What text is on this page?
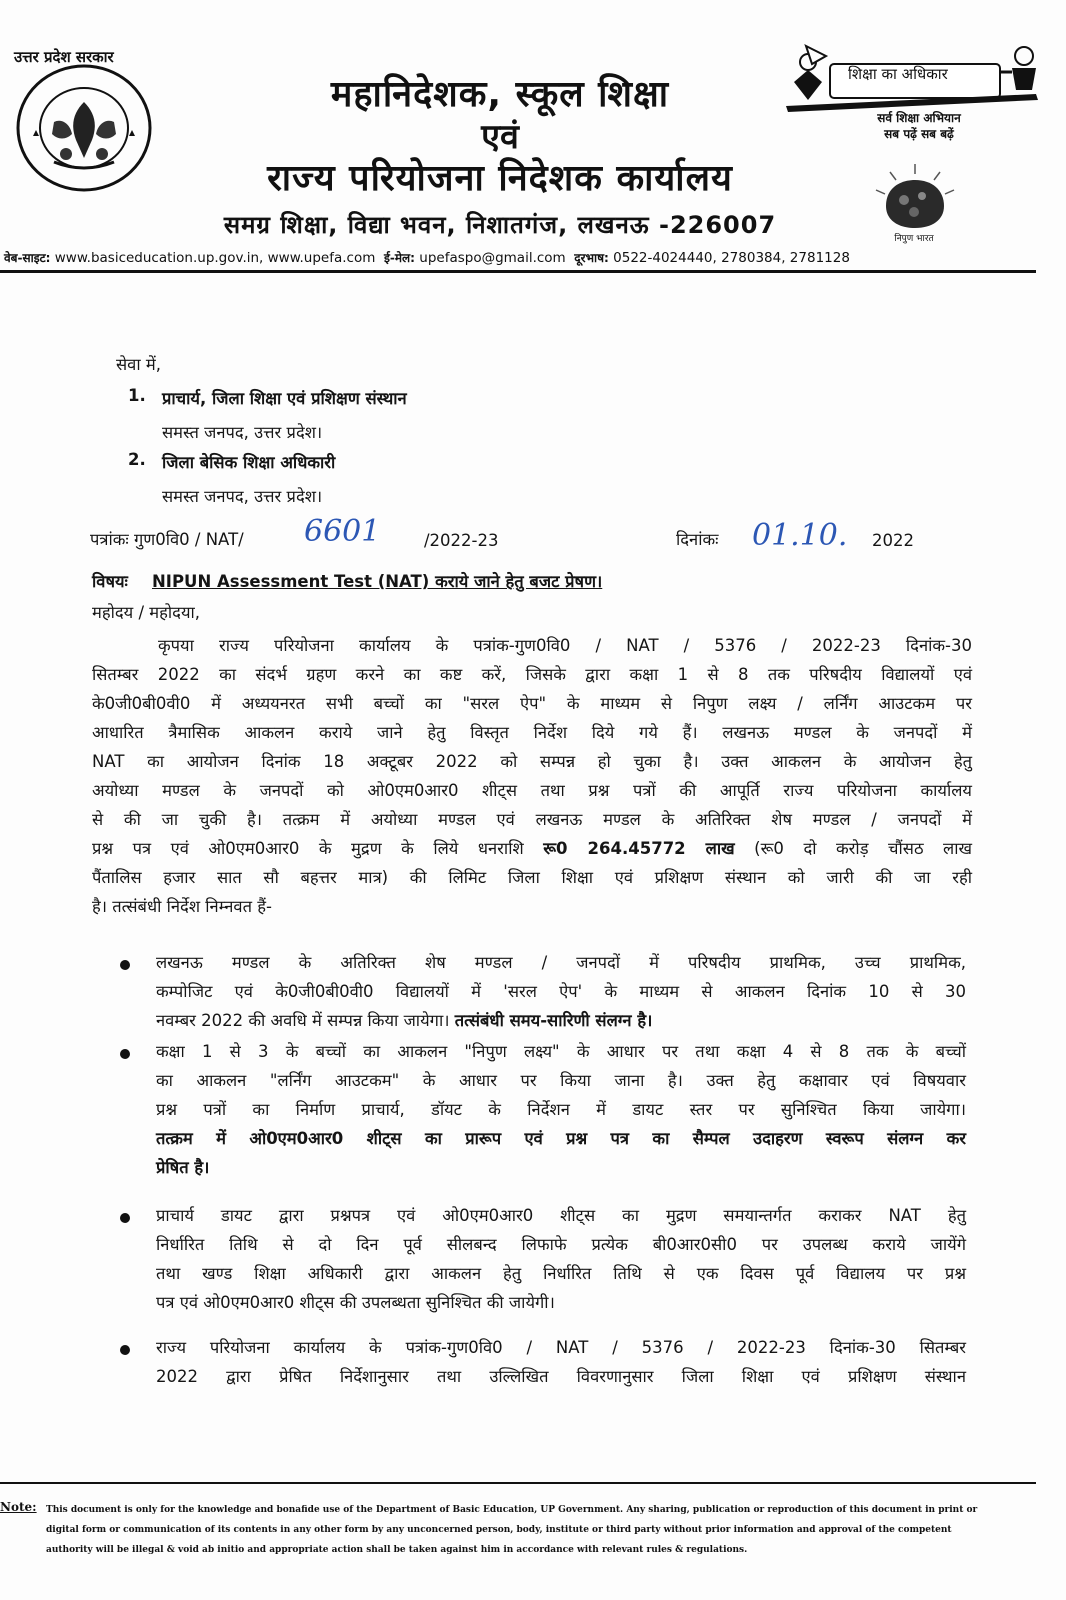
उत्तर प्रदेश सरकार
महानिदेशक, स्कूल शिक्षा
एवं
राज्य परियोजना निदेशक कार्यालय
समग्र शिक्षा, विद्या भवन, निशातगंज, लखनऊ -226007
शिक्षा का अधिकार
सर्व शिक्षा अभियान
सब पढ़ें सब बढ़ें
निपुण भारत
वेब-साइट: www.basiceducation.up.gov.in, www.upefa.com ई-मेल: upefaspo@gmail.com दूरभाष: 0522-4024440, 2780384, 2781128
सेवा में,
1. प्राचार्य, जिला शिक्षा एवं प्रशिक्षण संस्थान
समस्त जनपद, उत्तर प्रदेश।
2. जिला बेसिक शिक्षा अधिकारी
समस्त जनपद, उत्तर प्रदेश।
पत्रांकः गुण0वि0 / NAT/ 6601	/2022-23	दिनांकः 01.10. 2022
विषयः NIPUN Assessment Test (NAT) कराये जाने हेतु बजट प्रेषण।
महोदय / महोदया,
कृपया राज्य परियोजना कार्यालय के पत्रांक-गुण0वि0 / NAT / 5376 / 2022-23 दिनांक-30
सितम्बर 2022 का संदर्भ ग्रहण करने का कष्ट करें, जिसके द्वारा कक्षा 1 से 8 तक परिषदीय विद्यालयों एवं
के0जी0बी0वी0 में अध्ययनरत सभी बच्चों का "सरल ऐप" के माध्यम से निपुण लक्ष्य / लर्निंग आउटकम पर
आधारित त्रैमासिक आकलन कराये जाने हेतु विस्तृत निर्देश दिये गये हैं। लखनऊ मण्डल के जनपदों में
NAT का आयोजन दिनांक 18 अक्टूबर 2022 को सम्पन्न हो चुका है। उक्त आकलन के आयोजन हेतु
अयोध्या मण्डल के जनपदों को ओ0एम0आर0 शीट्स तथा प्रश्न पत्रों की आपूर्ति राज्य परियोजना कार्यालय
से की जा चुकी है। तत्क्रम में अयोध्या मण्डल एवं लखनऊ मण्डल के अतिरिक्त शेष मण्डल / जनपदों में
प्रश्न पत्र एवं ओ0एम0आर0 के मुद्रण के लिये धनराशि रू0 264.45772 लाख (रू0 दो करोड़ चौंसठ लाख
पैंतालिस हजार सात सौ बहत्तर मात्र) की लिमिट जिला शिक्षा एवं प्रशिक्षण संस्थान को जारी की जा रही
है। तत्संबंधी निर्देश निम्नवत हैं-
लखनऊ मण्डल के अतिरिक्त शेष मण्डल / जनपदों में परिषदीय प्राथमिक, उच्च प्राथमिक,
कम्पोजिट एवं के0जी0बी0वी0 विद्यालयों में 'सरल ऐप' के माध्यम से आकलन दिनांक 10 से 30
नवम्बर 2022 की अवधि में सम्पन्न किया जायेगा। तत्संबंधी समय-सारिणी संलग्न है।
कक्षा 1 से 3 के बच्चों का आकलन "निपुण लक्ष्य" के आधार पर तथा कक्षा 4 से 8 तक के बच्चों
का आकलन "लर्निंग आउटकम" के आधार पर किया जाना है। उक्त हेतु कक्षावार एवं विषयवार
प्रश्न पत्रों का निर्माण प्राचार्य, डॉयट के निर्देशन में डायट स्तर पर सुनिश्चित किया जायेगा।
तत्क्रम में ओ0एम0आर0 शीट्स का प्रारूप एवं प्रश्न पत्र का सैम्पल उदाहरण स्वरूप संलग्न कर
प्रेषित है।
प्राचार्य डायट द्वारा प्रश्नपत्र एवं ओ0एम0आर0 शीट्स का मुद्रण समयान्तर्गत कराकर NAT हेतु
निर्धारित तिथि से दो दिन पूर्व सीलबन्द लिफाफे प्रत्येक बी0आर0सी0 पर उपलब्ध कराये जायेंगे
तथा खण्ड शिक्षा अधिकारी द्वारा आकलन हेतु निर्धारित तिथि से एक दिवस पूर्व विद्यालय पर प्रश्न
पत्र एवं ओ0एम0आर0 शीट्स की उपलब्धता सुनिश्चित की जायेगी।
राज्य परियोजना कार्यालय के पत्रांक-गुण0वि0 / NAT / 5376 / 2022-23 दिनांक-30 सितम्बर
2022 द्वारा प्रेषित निर्देशानुसार तथा उल्लिखित विवरणानुसार जिला शिक्षा एवं प्रशिक्षण संस्थान
Note: This document is only for the knowledge and bonafide use of the Department of Basic Education, UP Government. Any sharing, publication or reproduction of this document in print or
digital form or communication of its contents in any other form by any unconcerned person, body, institute or third party without prior information and approval of the competent
authority will be illegal & void ab initio and appropriate action shall be taken against him in accordance with relevant rules & regulations.
